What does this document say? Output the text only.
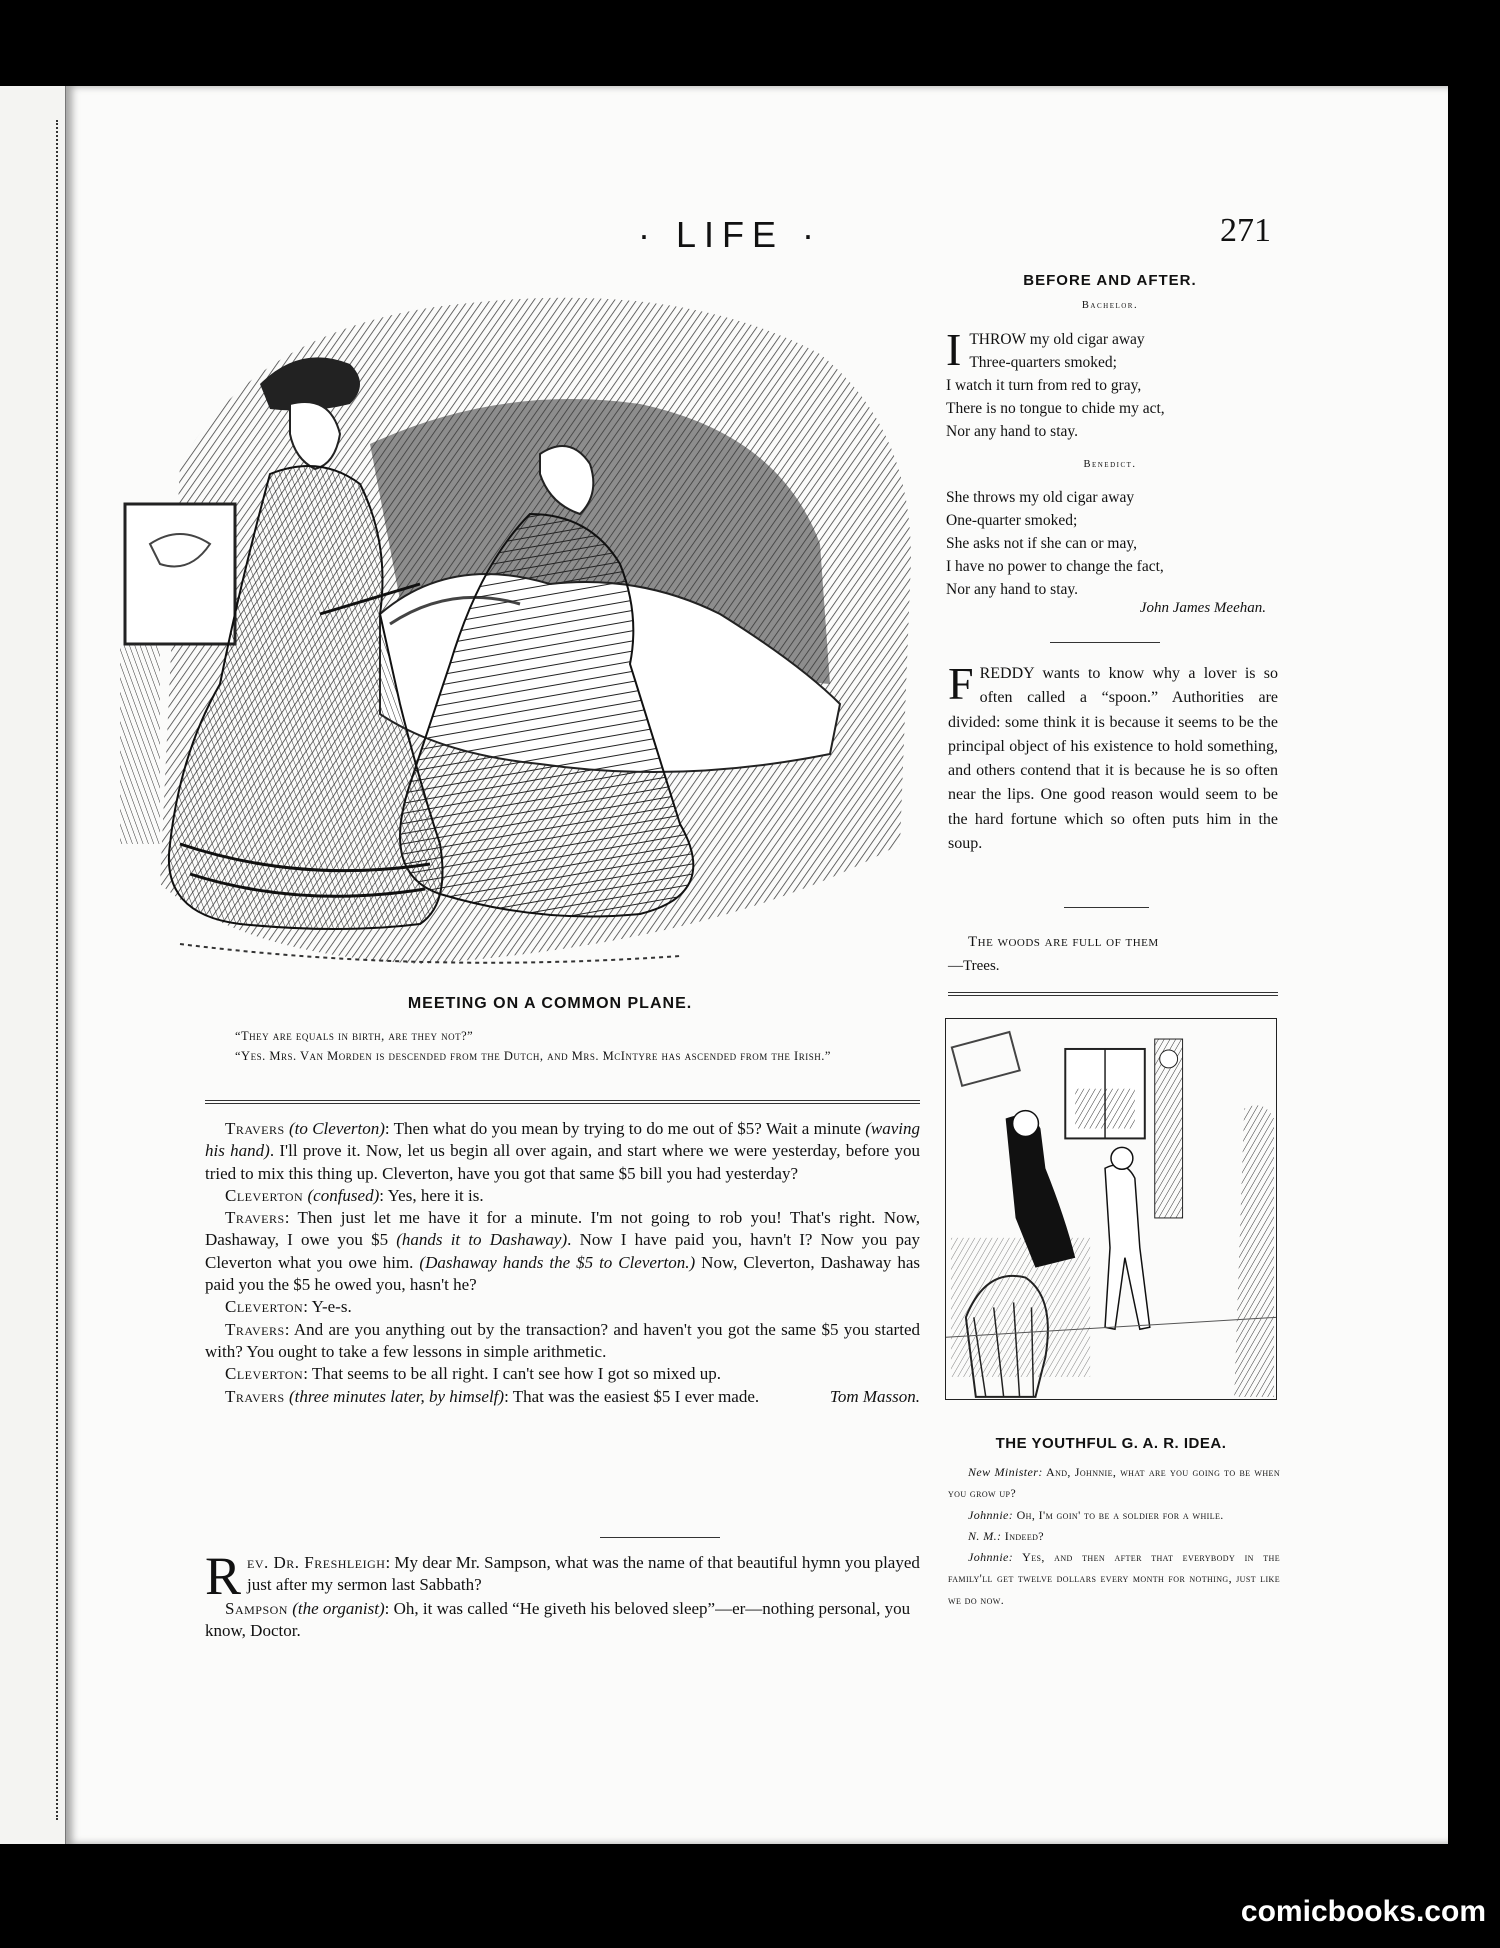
· LIFE ·	271
MEETING ON A COMMON PLANE.

“They are equals in birth, are they not?”

“Yes. Mrs. Van Morden is descended from the Dutch, and Mrs. McIntyre has ascended from the Irish.”

Travers (to Cleverton): Then what do you mean by trying to do me out of $5? Wait a minute (waving his hand). I'll prove it. Now, let us begin all over again, and start where we were yesterday, before you tried to mix this thing up. Cleverton, have you got that same $5 bill you had yesterday?

Cleverton (confused): Yes, here it is.

Travers: Then just let me have it for a minute. I'm not going to rob you! That's right. Now, Dashaway, I owe you $5 (hands it to Dashaway). Now I have paid you, havn't I? Now you pay Cleverton what you owe him. (Dashaway hands the $5 to Cleverton.) Now, Cleverton, Dashaway has paid you the $5 he owed you, hasn't he?

Cleverton: Y-e-s.

Travers: And are you anything out by the transaction? and haven't you got the same $5 you started with? You ought to take a few lessons in simple arithmetic.

Cleverton: That seems to be all right. I can't see how I got so mixed up.

Travers (three minutes later, by himself): That was the easiest $5 I ever made.	Tom Masson.

Rev. Dr. Freshleigh: My dear Mr. Sampson, what was the name of that beautiful hymn you played just after my sermon last Sabbath?

Sampson (the organist): Oh, it was called “He giveth his beloved sleep”—er—nothing personal, you know, Doctor.

BEFORE AND AFTER.
Bachelor.
I THROW my old cigar away
Three-quarters smoked;
I watch it turn from red to gray,
There is no tongue to chide my act,
Nor any hand to stay.
Benedict.
She throws my old cigar away
One-quarter smoked;
She asks not if she can or may,
I have no power to change the fact,
Nor any hand to stay.
John James Meehan.
FREDDY wants to know why a lover is so often called a “spoon.” Authorities are divided: some think it is because it seems to be the principal object of his existence to hold something, and others contend that it is because he is so often near the lips. One good reason would seem to be the hard fortune which so often puts him in the soup.
The woods are full of them
—Trees.
THE YOUTHFUL G. A. R. IDEA.

New Minister: And, Johnnie, what are you going to be when you grow up?

Johnnie: Oh, I'm goin' to be a soldier for a while.

N. M.: Indeed?

Johnnie: Yes, and then after that everybody in the family'll get twelve dollars every month for nothing, just like we do now.

comicbooks.com
